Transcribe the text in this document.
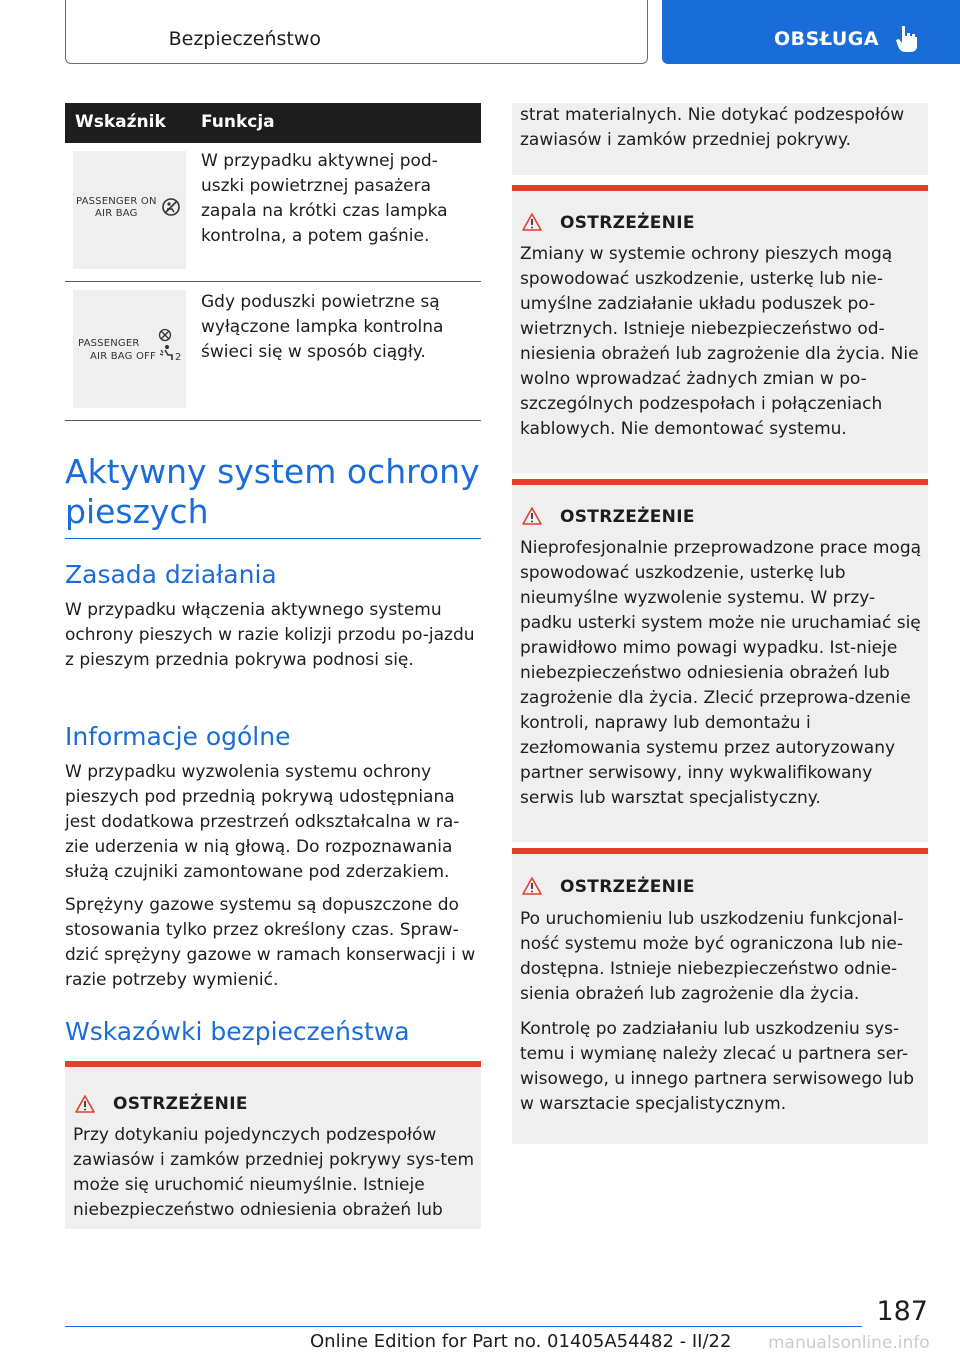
Bezpieczeństwo	OBSŁUGA
Wskaźnik Funkcja
PASSENGER ON
AIR BAG
W przypadku aktywnej pod-uszki powietrznej pasażera zapala na krótki czas lampka kontrolna, a potem gaśnie.
PASSENGER
AIR BAG OFF 2
Gdy poduszki powietrzne są wyłączone lampka kontrolna świeci się w sposób ciągły.
Aktywny system ochrony pieszych
Zasada działania

W przypadku włączenia aktywnego systemu ochrony pieszych w razie kolizji przodu po-jazdu z pieszym przednia pokrywa podnosi się.

Informacje ogólne

W przypadku wyzwolenia systemu ochrony pieszych pod przednią pokrywą udostępniana jest dodatkowa przestrzeń odkształcalna w ra-zie uderzenia w nią głową. Do rozpoznawania służą czujniki zamontowane pod zderzakiem.

Sprężyny gazowe systemu są dopuszczone do stosowania tylko przez określony czas. Spraw-dzić sprężyny gazowe w ramach konserwacji i w razie potrzeby wymienić.

Wskazówki bezpieczeństwa
OSTRZEŻENIE
Przy dotykaniu pojedynczych podzespołów zawiasów i zamków przedniej pokrywy sys-tem może się uruchomić nieumyślnie. Istnieje niebezpieczeństwo odniesienia obrażeń lub
strat materialnych. Nie dotykać podzespołów zawiasów i zamków przedniej pokrywy.
OSTRZEŻENIE
Zmiany w systemie ochrony pieszych mogą spowodować uszkodzenie, usterkę lub nie-umyślne zadziałanie układu poduszek po-wietrznych. Istnieje niebezpieczeństwo od-niesienia obrażeń lub zagrożenie dla życia. Nie wolno wprowadzać żadnych zmian w po-szczególnych podzespołach i połączeniach kablowych. Nie demontować systemu.
OSTRZEŻENIE
Nieprofesjonalnie przeprowadzone prace mogą spowodować uszkodzenie, usterkę lub nieumyślne wyzwolenie systemu. W przy-padku usterki system może nie uruchamiać się prawidłowo mimo powagi wypadku. Ist-nieje niebezpieczeństwo odniesienia obrażeń lub zagrożenie dla życia. Zlecić przeprowa-dzenie kontroli, naprawy lub demontażu i zezłomowania systemu przez autoryzowany partner serwisowy, inny wykwalifikowany serwis lub warsztat specjalistyczny.
OSTRZEŻENIE
Po uruchomieniu lub uszkodzeniu funkcjonal-ność systemu może być ograniczona lub nie-dostępna. Istnieje niebezpieczeństwo odnie-sienia obrażeń lub zagrożenie dla życia.
Kontrolę po zadziałaniu lub uszkodzeniu sys-temu i wymianę należy zlecać u partnera ser-wisowego, u innego partnera serwisowego lub w warsztacie specjalistycznym.
187
Online Edition for Part no. 01405A54482 - II/22 manualsonline.info
